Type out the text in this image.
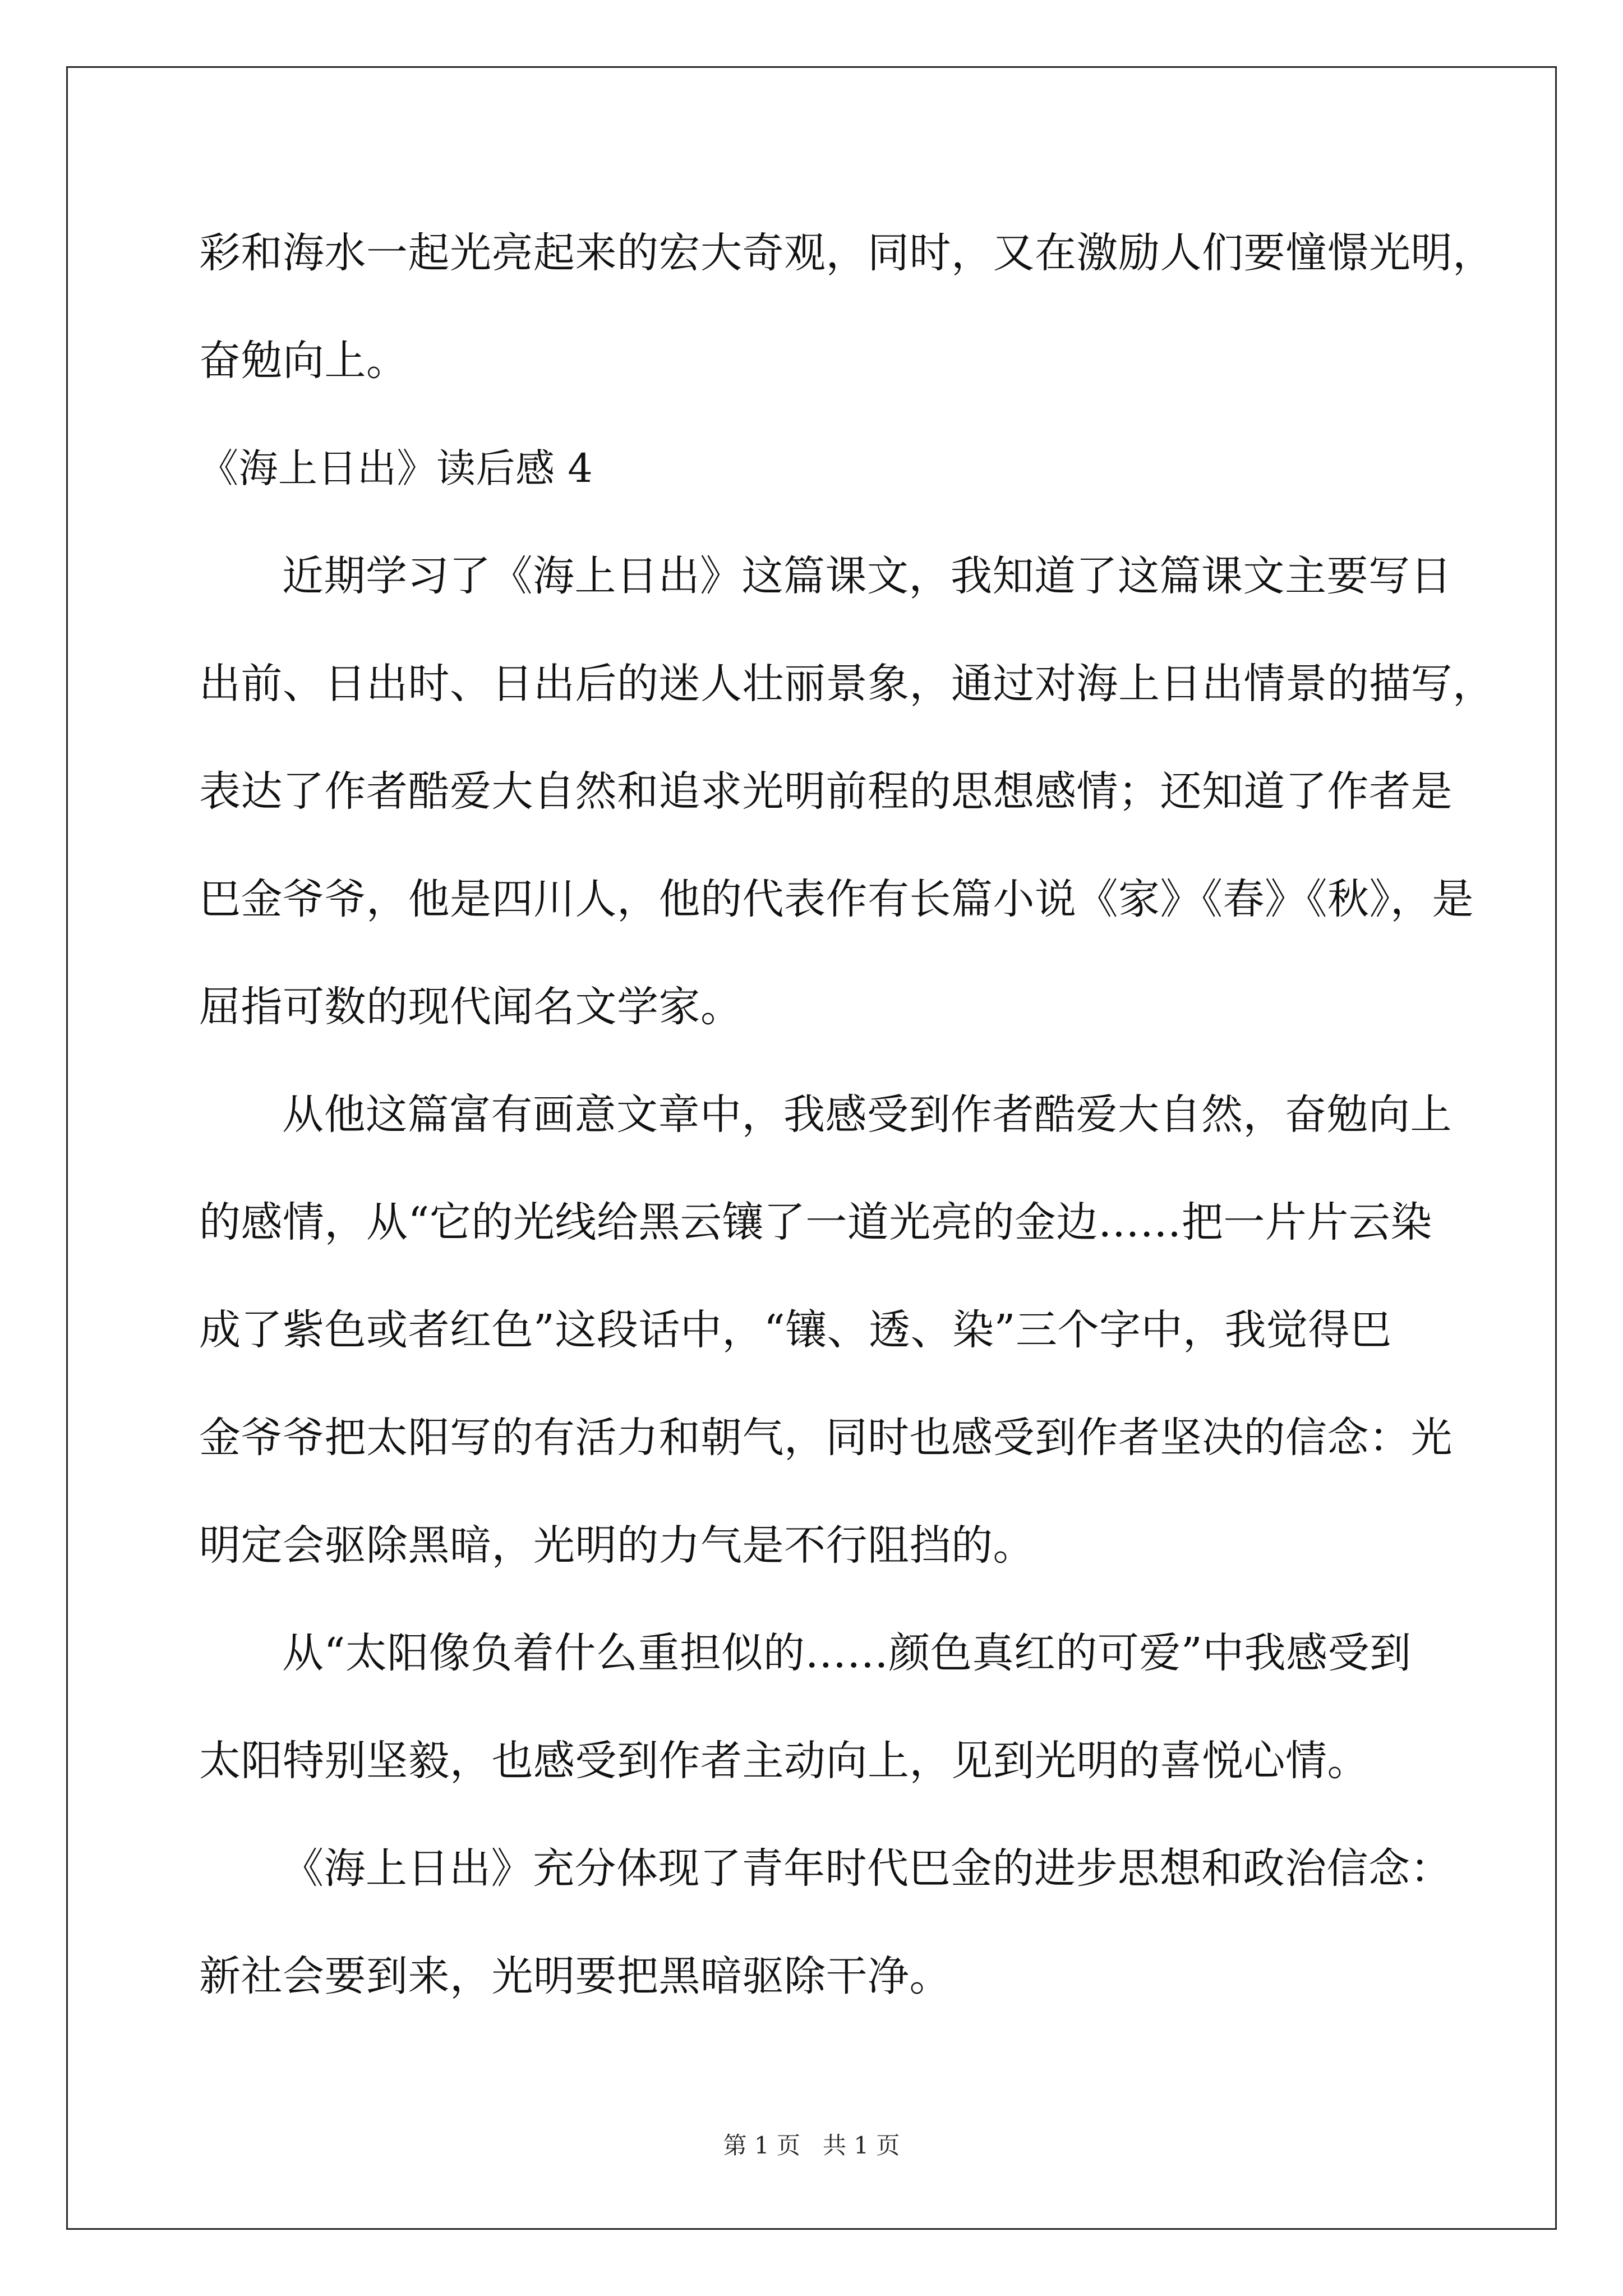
彩和海水一起光亮起来的宏大奇观，同时，又在激励人们要憧憬光明，
奋勉向上。
《海上日出》读后感 4
近期学习了《海上日出》这篇课文，我知道了这篇课文主要写日
出前、日出时、日出后的迷人壮丽景象，通过对海上日出情景的描写，
表达了作者酷爱大自然和追求光明前程的思想感情；还知道了作者是
巴金爷爷，他是四川人，他的代表作有长篇小说《家》《春》《秋》，是
屈指可数的现代闻名文学家。
从他这篇富有画意文章中，我感受到作者酷爱大自然，奋勉向上
的感情，从“它的光线给黑云镶了一道光亮的金边……把一片片云染
成了紫色或者红色”这段话中，“镶、透、染”三个字中，我觉得巴
金爷爷把太阳写的有活力和朝气，同时也感受到作者坚决的信念：光
明定会驱除黑暗，光明的力气是不行阻挡的。
从“太阳像负着什么重担似的……颜色真红的可爱”中我感受到
太阳特别坚毅，也感受到作者主动向上，见到光明的喜悦心情。
《海上日出》充分体现了青年时代巴金的进步思想和政治信念：
新社会要到来，光明要把黑暗驱除干净。
第 1 页 共 1 页
